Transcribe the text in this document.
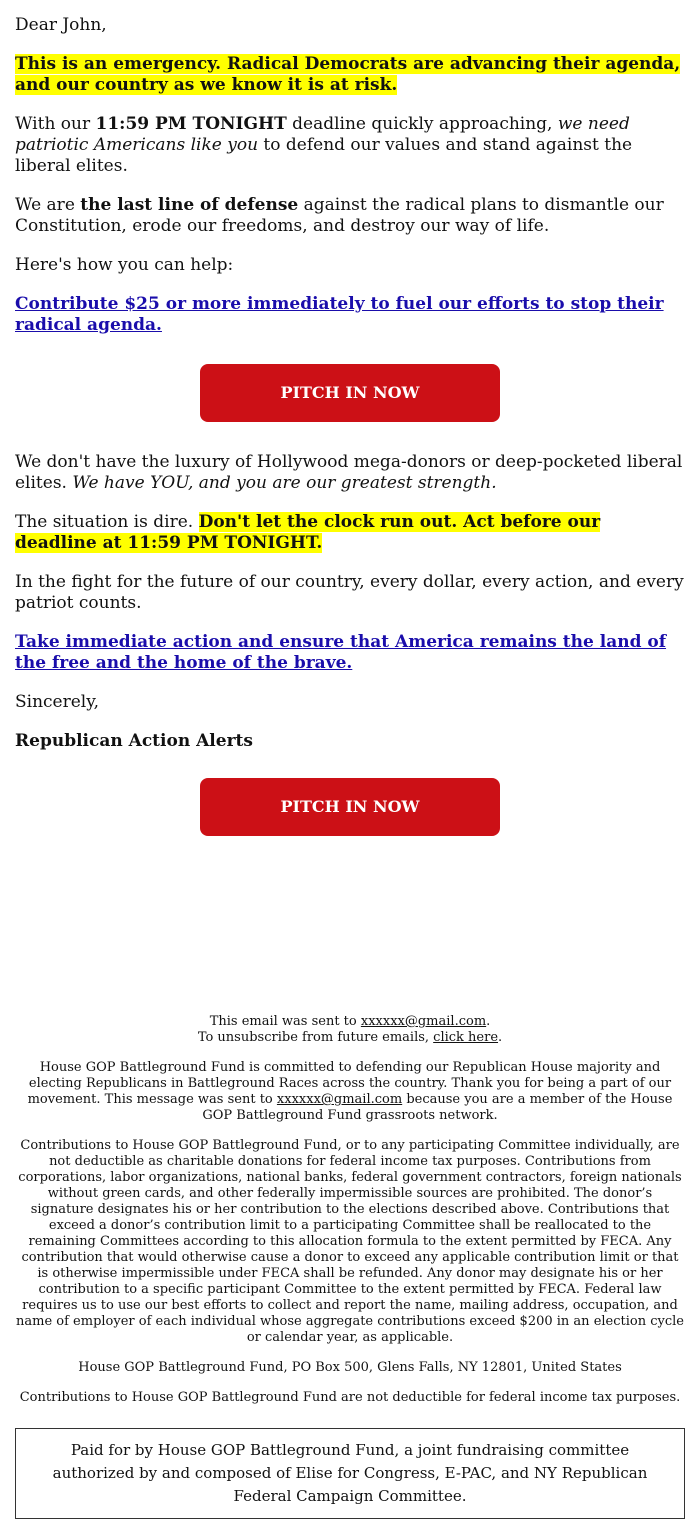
Dear John,

This is an emergency. Radical Democrats are advancing their agenda, and our country as we know it is at risk.

With our 11:59 PM TONIGHT deadline quickly approaching, we need patriotic Americans like you to defend our values and stand against the liberal elites.

We are the last line of defense against the radical plans to dismantle our Constitution, erode our freedoms, and destroy our way of life.

Here's how you can help:

Contribute $25 or more immediately to fuel our efforts to stop their radical agenda.

PITCH IN NOW

We don't have the luxury of Hollywood mega-donors or deep-pocketed liberal elites. We have YOU, and you are our greatest strength.

The situation is dire. Don't let the clock run out. Act before our deadline at 11:59 PM TONIGHT.

In the fight for the future of our country, every dollar, every action, and every patriot counts.

Take immediate action and ensure that America remains the land of the free and the home of the brave.

Sincerely,

Republican Action Alerts

PITCH IN NOW

This email was sent to xxxxxx@gmail.com.
To unsubscribe from future emails, click here.

House GOP Battleground Fund is committed to defending our Republican House majority and electing Republicans in Battleground Races across the country. Thank you for being a part of our movement. This message was sent to xxxxxx@gmail.com because you are a member of the House GOP Battleground Fund grassroots network.

Contributions to House GOP Battleground Fund, or to any participating Committee individually, are not deductible as charitable donations for federal income tax purposes. Contributions from corporations, labor organizations, national banks, federal government contractors, foreign nationals without green cards, and other federally impermissible sources are prohibited. The donor’s signature designates his or her contribution to the elections described above. Contributions that exceed a donor’s contribution limit to a participating Committee shall be reallocated to the remaining Committees according to this allocation formula to the extent permitted by FECA. Any contribution that would otherwise cause a donor to exceed any applicable contribution limit or that is otherwise impermissible under FECA shall be refunded. Any donor may designate his or her contribution to a specific participant Committee to the extent permitted by FECA. Federal law requires us to use our best efforts to collect and report the name, mailing address, occupation, and name of employer of each individual whose aggregate contributions exceed $200 in an election cycle or calendar year, as applicable.

House GOP Battleground Fund, PO Box 500, Glens Falls, NY 12801, United States

Contributions to House GOP Battleground Fund are not deductible for federal income tax purposes.

Paid for by House GOP Battleground Fund, a joint fundraising committee authorized by and composed of Elise for Congress, E-PAC, and NY Republican Federal Campaign Committee.
